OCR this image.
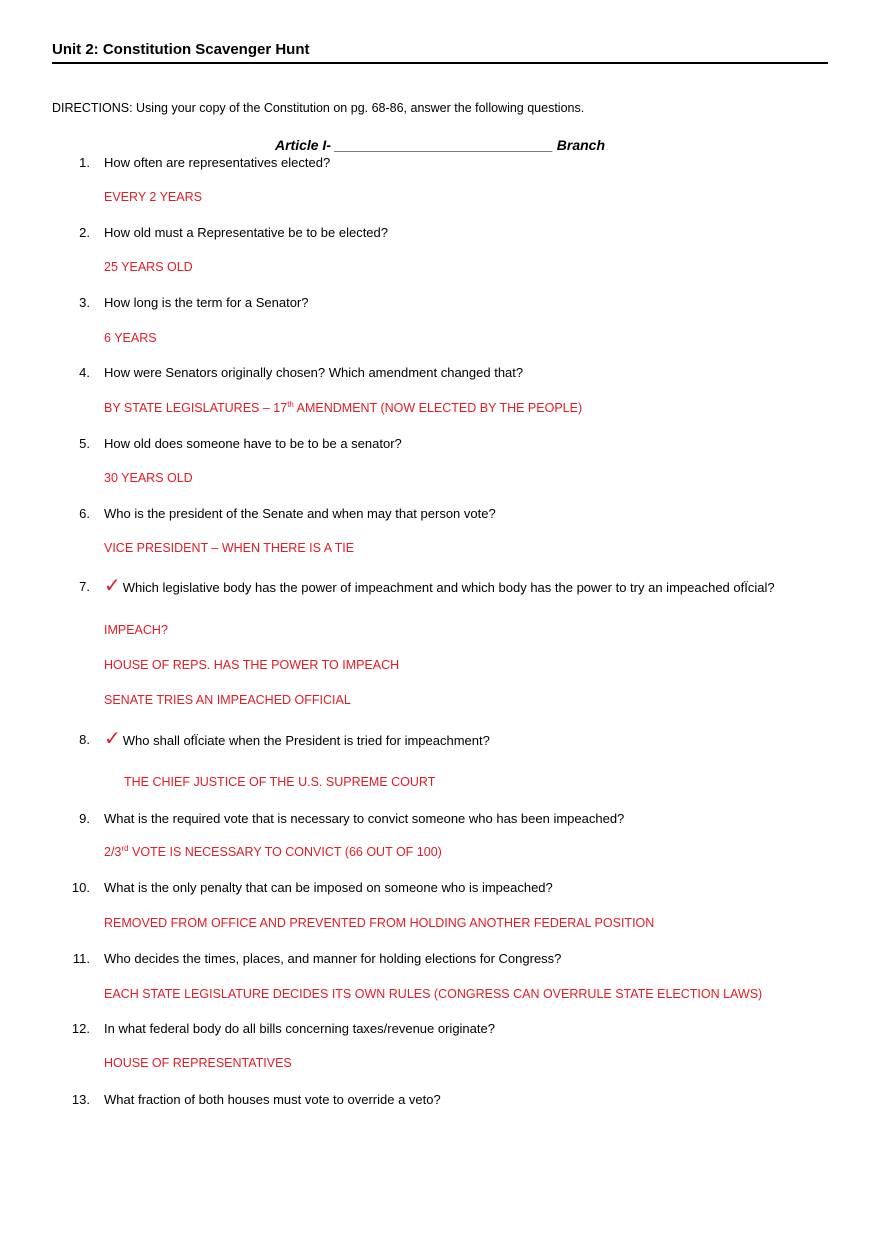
Unit 2: Constitution Scavenger Hunt
DIRECTIONS: Using your copy of the Constitution on pg. 68-86, answer the following questions.
Article I- ____________________________ Branch
1. How often are representatives elected?
EVERY 2 YEARS
2. How old must a Representative be to be elected?
25 YEARS OLD
3. How long is the term for a Senator?
6 YEARS
4. How were Senators originally chosen? Which amendment changed that?
BY STATE LEGISLATURES – 17th AMENDMENT (NOW ELECTED BY THE PEOPLE)
5. How old does someone have to be to be a senator?
30 YEARS OLD
6. Who is the president of the Senate and when may that person vote?
VICE PRESIDENT – WHEN THERE IS A TIE
7. ✓ Which legislative body has the power of impeachment and which body has the power to try an impeached ofÏcial?
IMPEACH?
HOUSE OF REPS. HAS THE POWER TO IMPEACH
SENATE TRIES AN IMPEACHED OFFICIAL
8. ✓ Who shall ofÏciate when the President is tried for impeachment?
THE CHIEF JUSTICE OF THE U.S. SUPREME COURT
9. What is the required vote that is necessary to convict someone who has been impeached?
2/3rd VOTE IS NECESSARY TO CONVICT (66 OUT OF 100)
10. What is the only penalty that can be imposed on someone who is impeached?
REMOVED FROM OFFICE AND PREVENTED FROM HOLDING ANOTHER FEDERAL POSITION
11. Who decides the times, places, and manner for holding elections for Congress?
EACH STATE LEGISLATURE DECIDES ITS OWN RULES (CONGRESS CAN OVERRULE STATE ELECTION LAWS)
12. In what federal body do all bills concerning taxes/revenue originate?
HOUSE OF REPRESENTATIVES
13. What fraction of both houses must vote to override a veto?
